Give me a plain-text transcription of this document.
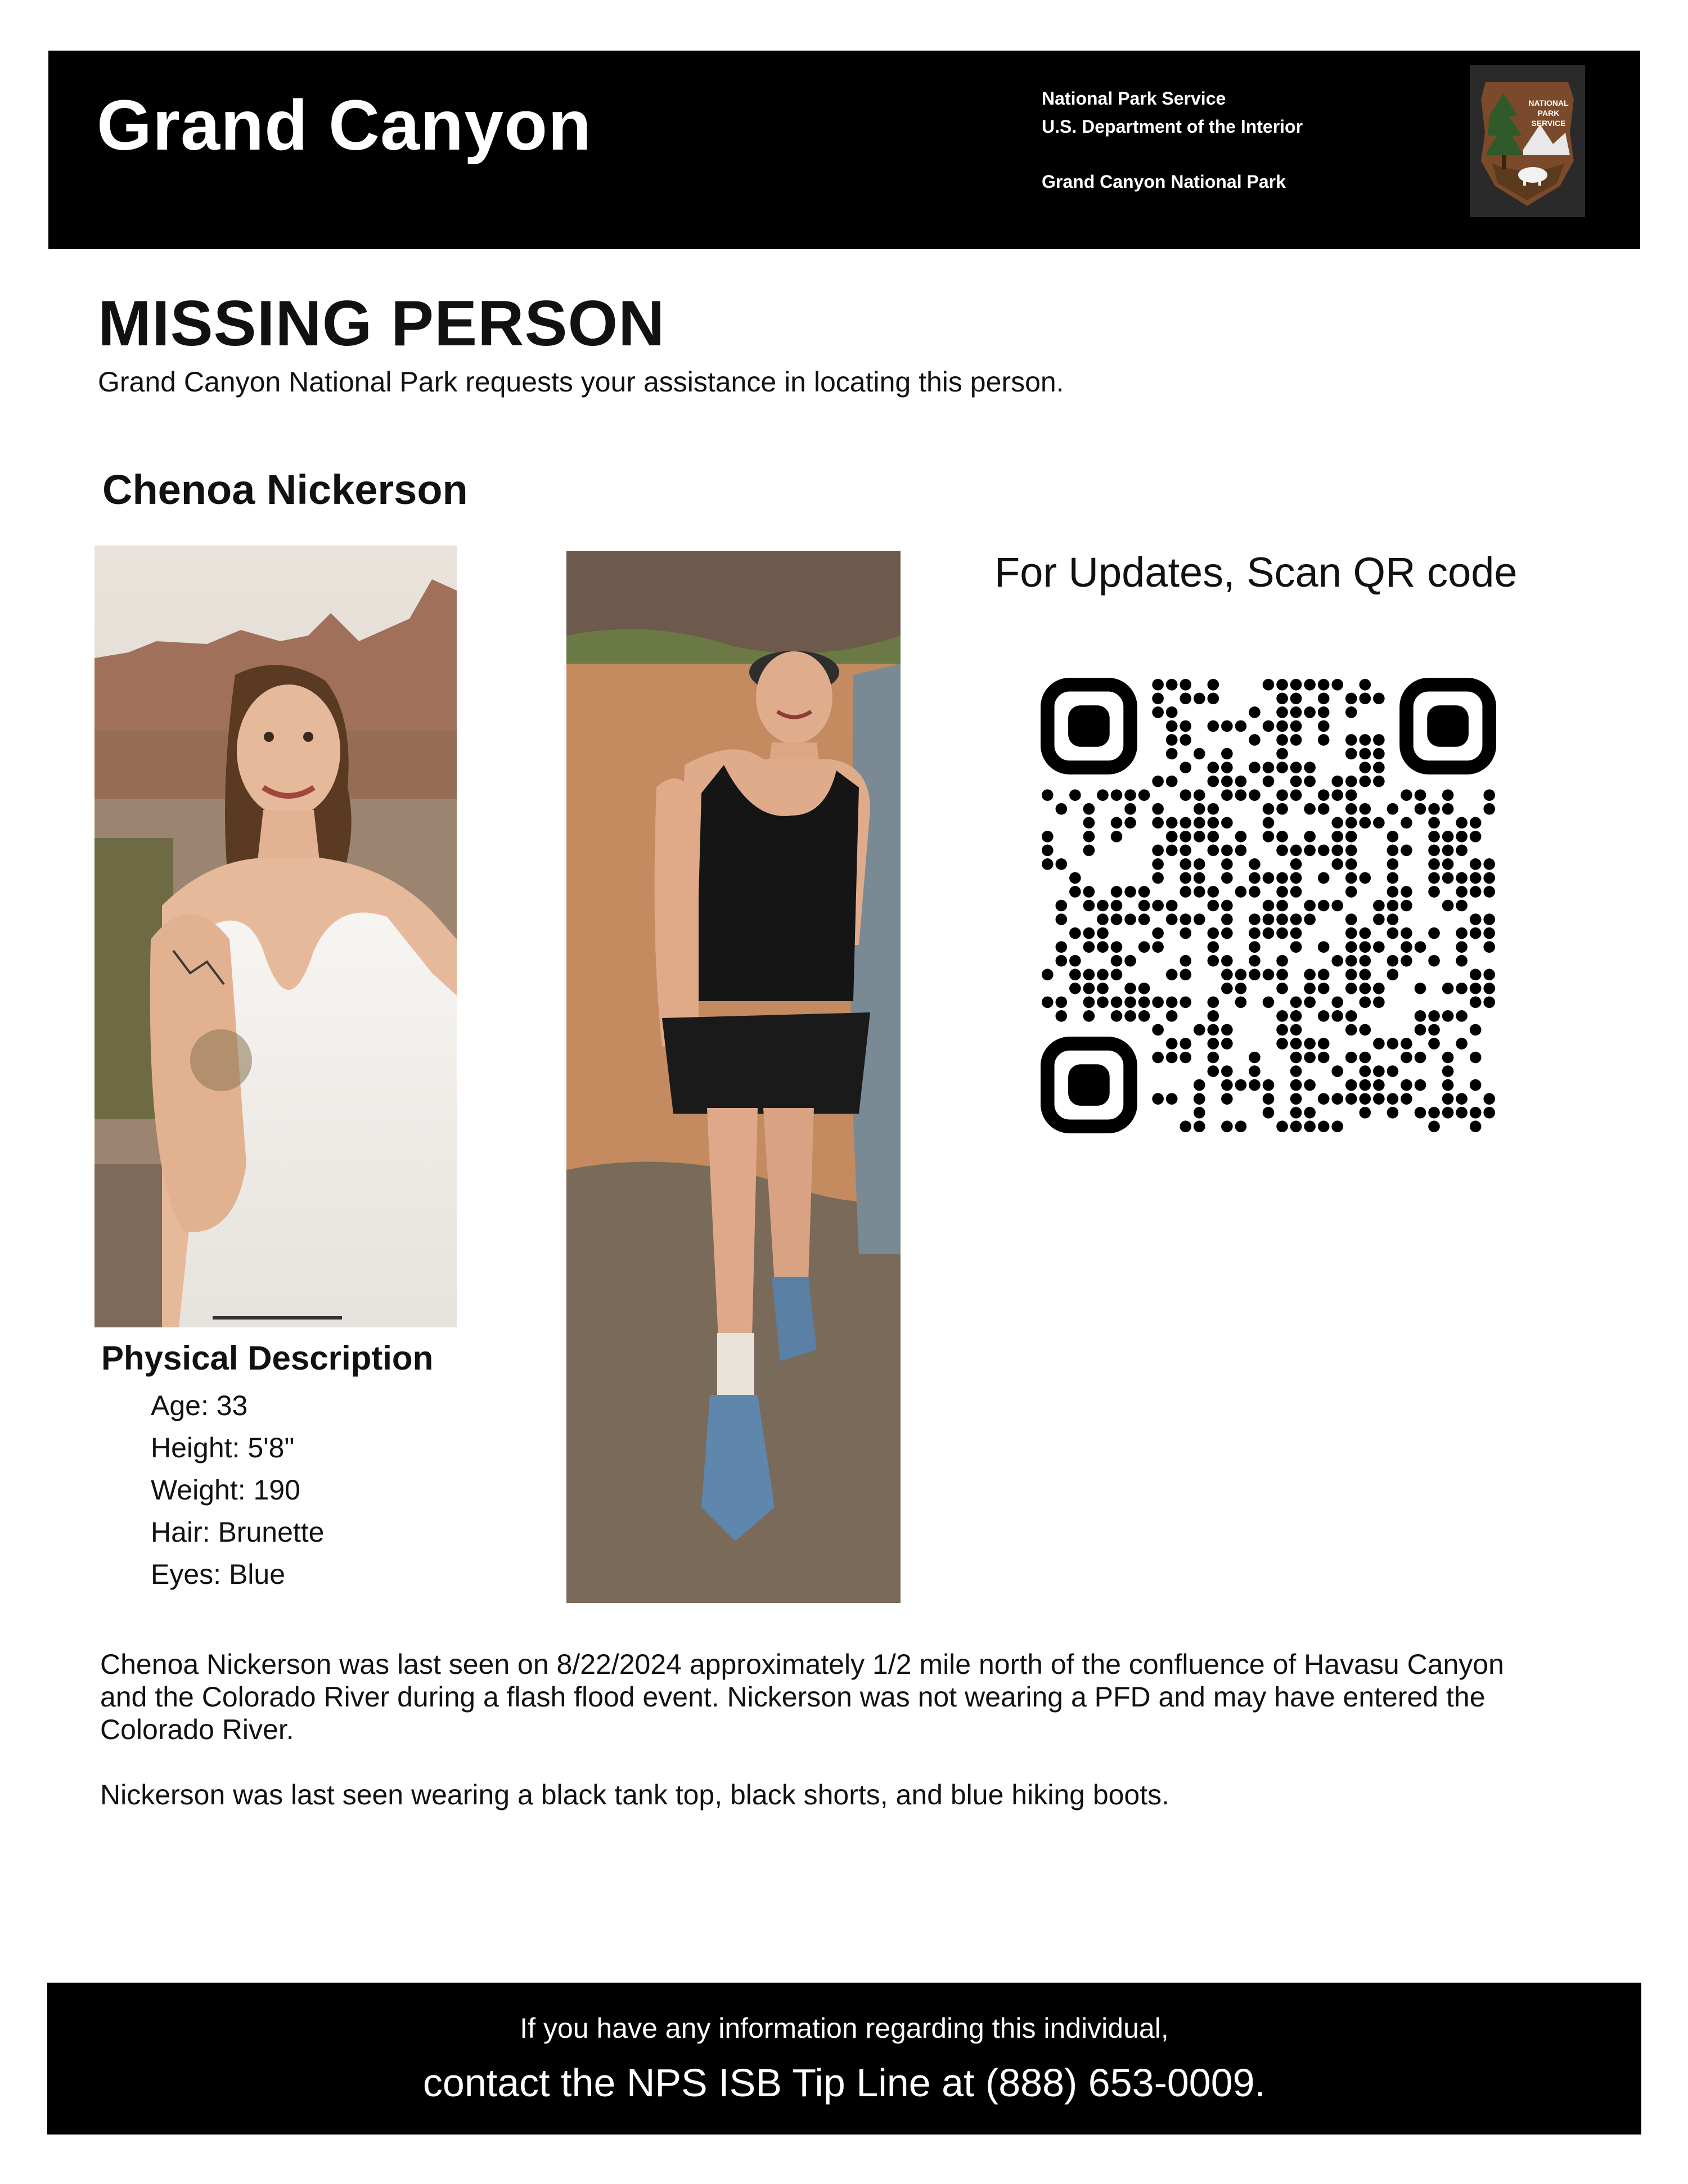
Grand Canyon	National Park Service
U.S. Department of the Interior
Grand Canyon National Park
NATIONAL
PARK
SERVICE
MISSING PERSON
Grand Canyon National Park requests your assistance in locating this person.
Chenoa Nickerson
For Updates, Scan QR code
Physical Description
Age: 33
Height: 5'8"
Weight: 190
Hair: Brunette
Eyes: Blue

Chenoa Nickerson was last seen on 8/22/2024 approximately 1/2 mile north of the confluence of Havasu Canyon and the Colorado River during a flash flood event. Nickerson was not wearing a PFD and may have entered the Colorado River.

Nickerson was last seen wearing a black tank top, black shorts, and blue hiking boots.

If you have any information regarding this individual,
contact the NPS ISB Tip Line at (888) 653-0009.
